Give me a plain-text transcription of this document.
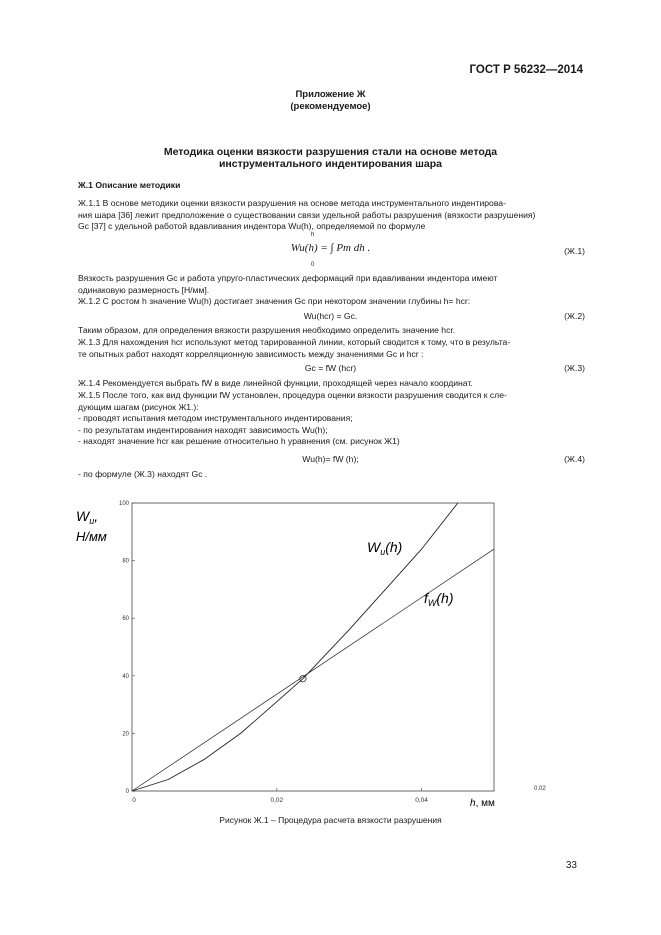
ГОСТ Р 56232—2014
Приложение Ж
(рекомендуемое)
Методика оценки вязкости разрушения стали на основе метода
инструментального индентирования шара
Ж.1 Описание методики
Ж.1.1 В основе методики оценки вязкости разрушения на основе метода инструментального индентирова-
ния шара [36] лежит предположение о существовании связи удельной работы разрушения (вязкости разрушения)
Gc [37] с удельной работой вдавливания индентора Wu(h), определяемой по формуле
Wu(h) = ∫ Pm dh .
h
0
(Ж.1)
Вязкость разрушения Gc и работа упруго-пластических деформаций при вдавливании индентора имеют
одинаковую размерность [Н/мм].
Ж.1.2 С ростом h значение Wu(h) достигает значения Gc при некотором значении глубины h= hcr:
Wu(hcr) = Gc.	(Ж.2)
Таким образом, для определения вязкости разрушения необходимо определить значение hcr.
Ж.1.3 Для нахождения hcr используют метод тарированной линии, который сводится к тому, что в результа-
те опытных работ находят корреляционную зависимость между значениями Gc и hcr :
Gc = fW (hcr)	(Ж.3)
Ж.1.4 Рекомендуется выбрать fW в виде линейной функции, проходящей через начало координат.
Ж.1.5 После того, как вид функции fW установлен, процедура оценки вязкости разрушения сводится к сле-
дующим шагам (рисунок Ж1.):
- проводят испытания методом инструментального индентирования;
- по результатам индентирования находят зависимость Wu(h);
- находят значение hcr как решение относительно h уравнения (см. рисунок Ж1)
Wu(h)= fW (h);	(Ж.4)
- по формуле (Ж.3) находят Gc .
0
20
40
60
80
100
0	0,02	0,04
$W_u$,
Н/мм
$W_u(h)$
$f_W(h)$
h, мм
0.02
Рисунок Ж.1 – Процедура расчета вязкости разрушения
33
